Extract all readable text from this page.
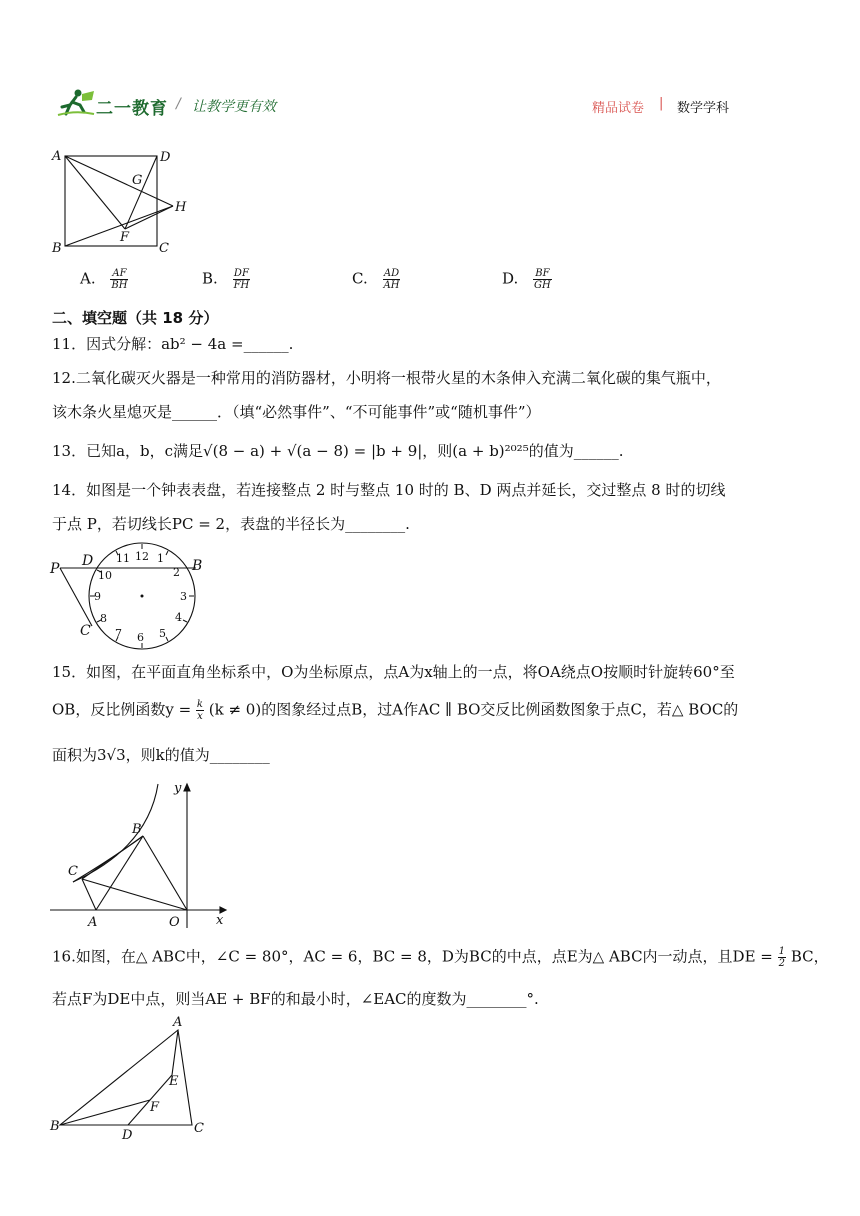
二一教育 / 让教学更有效	精品试卷 | 数学学科
A	D
G
H
B
F
C
A. $\frac{AF}{BH}$	B. $\frac{DF}{FH}$	C. $\frac{AD}{AH}$	D. $\frac{BF}{GH}$
二、填空题（共 18 分）
11．因式分解：ab² − 4a =______.
12.二氧化碳灭火器是一种常用的消防器材，小明将一根带火星的木条伸入充满二氧化碳的集气瓶中，
该木条火星熄灭是______．（填“必然事件”、“不可能事件”或“随机事件”）
13．已知a，b，c满足√(8 − a) + √(a − 8) = |b + 9|，则(a + b)²⁰²⁵的值为______.
14．如图是一个钟表表盘，若连接整点 2 时与整点 10 时的 B、D 两点并延长，交过整点 8 时的切线
于点 P，若切线长PC = 2，表盘的半径长为________.
12 1
2
3
4
5
6
7
8
9
10
11
P D	B
C
15．如图，在平面直角坐标系中，O为坐标原点，点A为x轴上的一点，将OA绕点O按顺时针旋转60°至
OB，反比例函数$y = \frac{k}{x} (k \ne 0)$的图象经过点B，过A作AC ∥ BO交反比例函数图象于点C，若△ BOC的
面积为3√3，则k的值为________
y
B
C
A	O	x
16.如图，在△ ABC中，∠C = 80°，AC = 6，BC = 8，D为BC的中点，点E为△ ABC内一动点，且DE = $\frac{1}{2}$ BC，
若点F为DE中点，则当AE + BF的和最小时，∠EAC的度数为________°.
A
E
F
B
D	C
